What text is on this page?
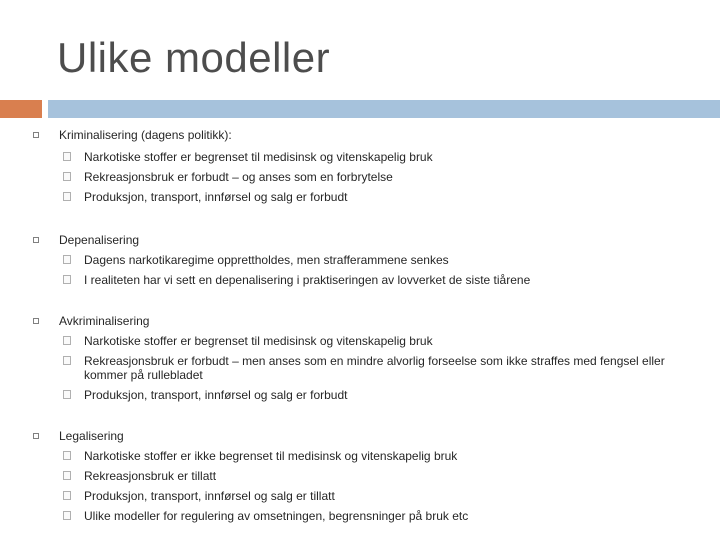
Ulike modeller
Kriminalisering (dagens politikk):
Narkotiske stoffer er begrenset til medisinsk og vitenskapelig bruk
Rekreasjonsbruk er forbudt – og anses som en forbrytelse
Produksjon, transport, innførsel og salg er forbudt
Depenalisering
Dagens narkotikaregime opprettholdes, men strafferammene senkes
I realiteten har vi sett en depenalisering i praktiseringen av lovverket de siste tiårene
Avkriminalisering
Narkotiske stoffer er begrenset til medisinsk og vitenskapelig bruk
Rekreasjonsbruk er forbudt – men anses som en mindre alvorlig forseelse som ikke straffes med fengsel eller kommer på rullebladet
Produksjon, transport, innførsel og salg er forbudt
Legalisering
Narkotiske stoffer er ikke begrenset til medisinsk og vitenskapelig bruk
Rekreasjonsbruk er tillatt
Produksjon, transport, innførsel og salg er tillatt
Ulike modeller for regulering av omsetningen, begrensninger på bruk etc
